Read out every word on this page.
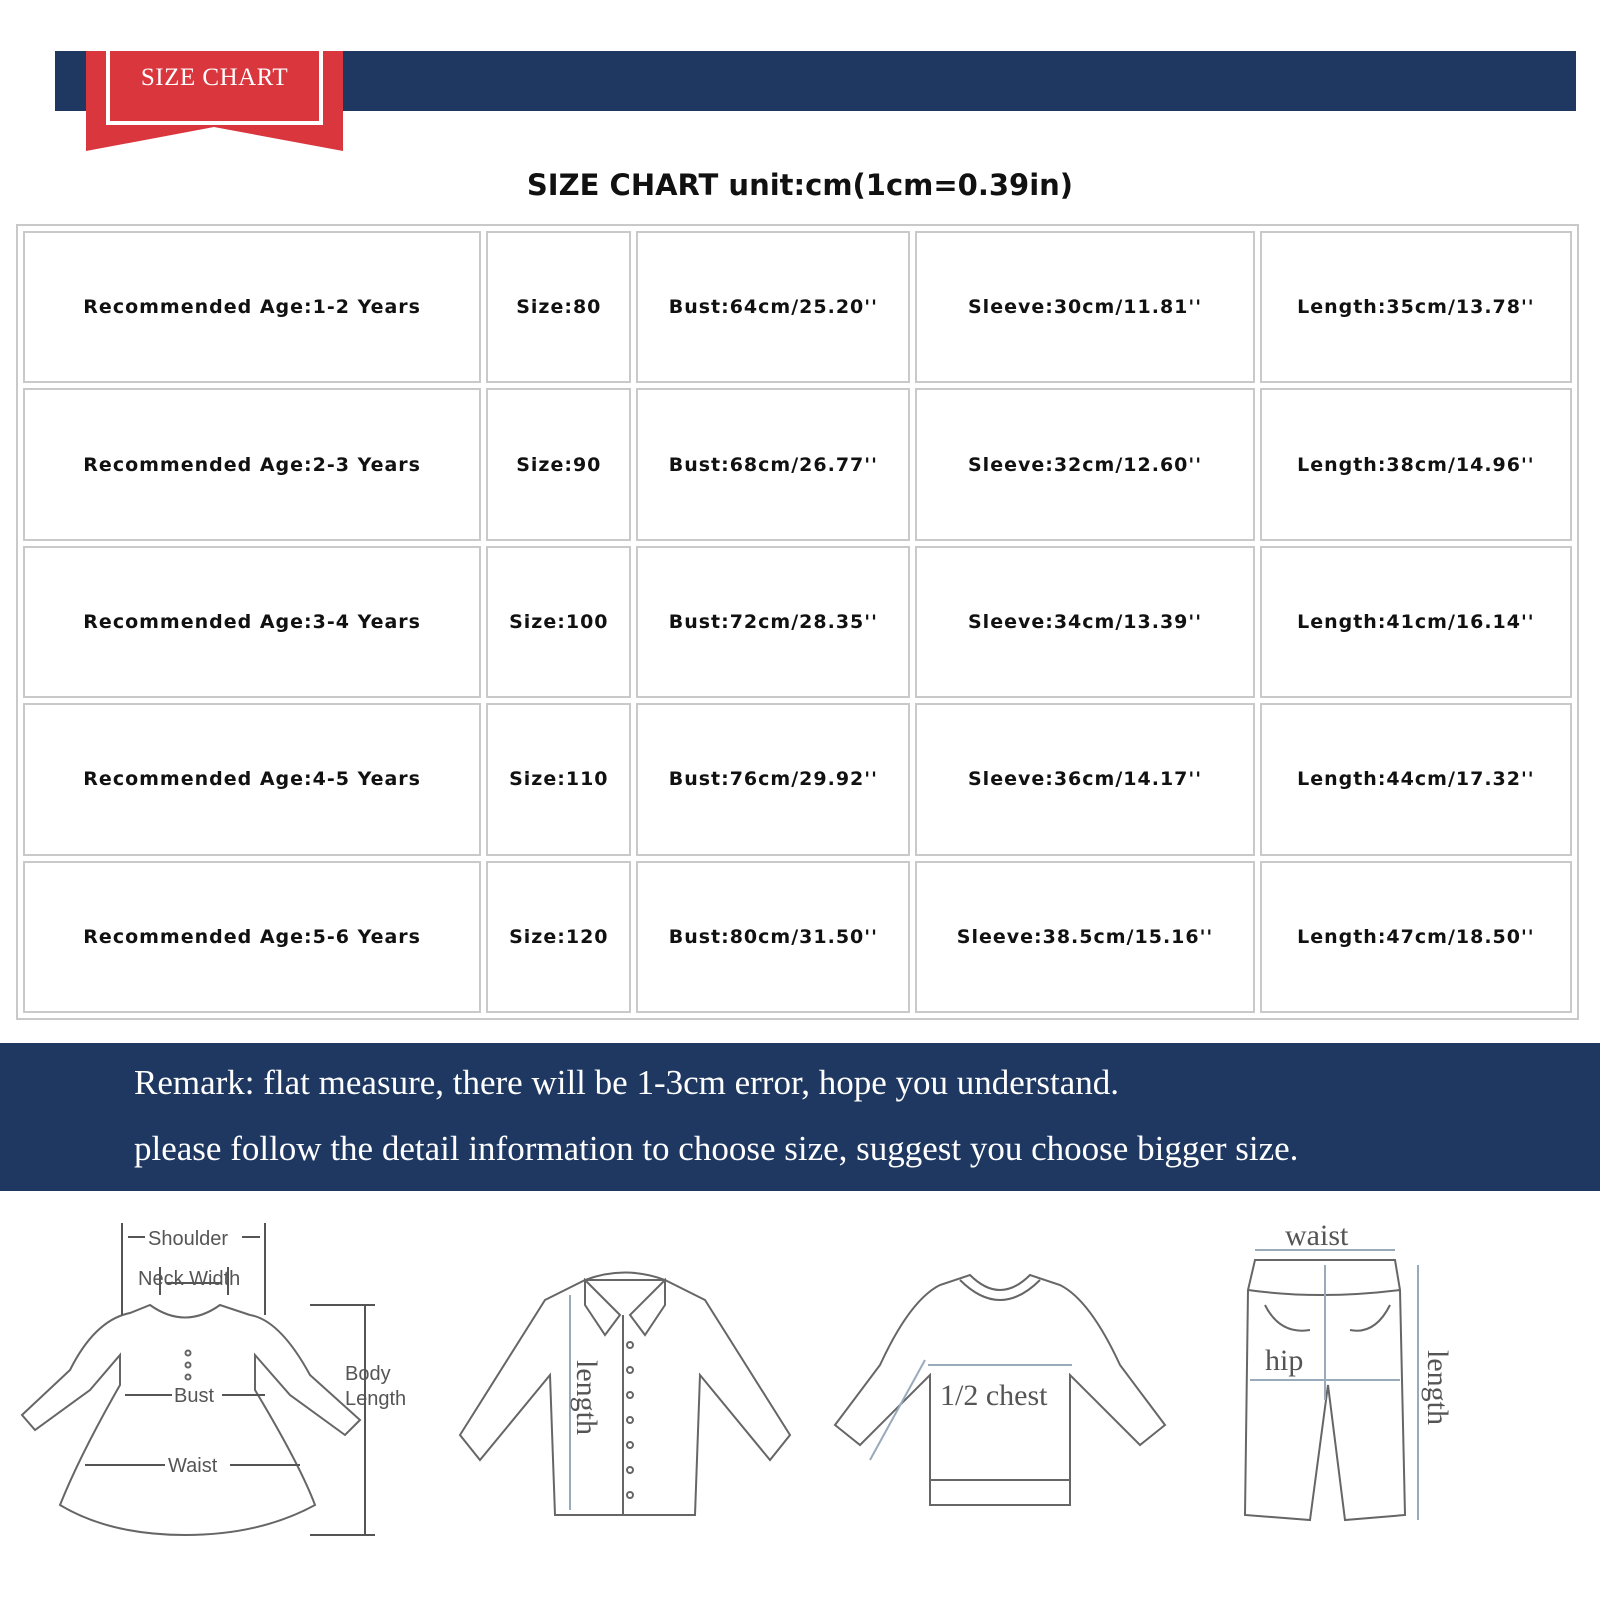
SIZE CHART
SIZE CHART unit:cm(1cm=0.39in)
Recommended Age:1-2 Years	Size:80	Bust:64cm/25.20''	Sleeve:30cm/11.81''	Length:35cm/13.78''
Recommended Age:2-3 Years	Size:90	Bust:68cm/26.77''	Sleeve:32cm/12.60''	Length:38cm/14.96''
Recommended Age:3-4 Years	Size:100	Bust:72cm/28.35''	Sleeve:34cm/13.39''	Length:41cm/16.14''
Recommended Age:4-5 Years	Size:110	Bust:76cm/29.92''	Sleeve:36cm/14.17''	Length:44cm/17.32''
Recommended Age:5-6 Years	Size:120	Bust:80cm/31.50''	Sleeve:38.5cm/15.16''	Length:47cm/18.50''
Remark: flat measure, there will be 1-3cm error, hope you understand.
please follow the detail information to choose size, suggest you choose bigger size.
Shoulder
Neck Width
Bust
Waist
Body
Length	length	1/2 chest
waist
hip	length
